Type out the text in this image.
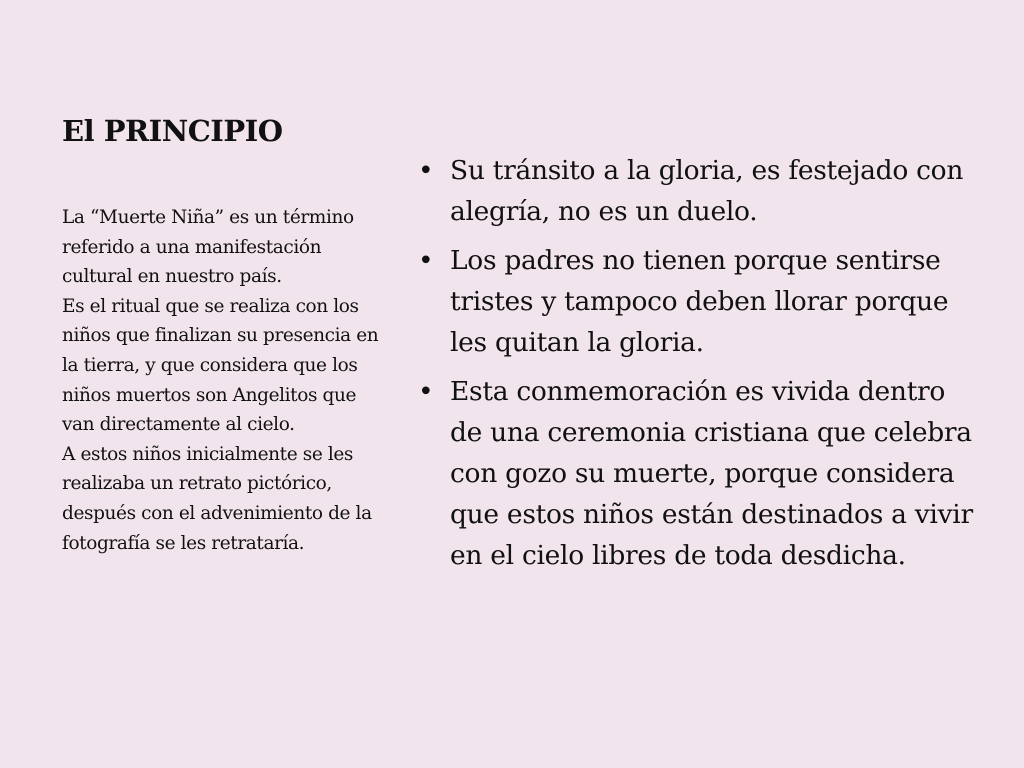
El PRINCIPIO

La “Muerte Niña” es un término referido a una manifestación cultural en nuestro país.

Es el ritual que se realiza con los niños que finalizan su presencia en la tierra, y que considera que los niños muertos son Angelitos que van directamente al cielo.

A estos niños inicialmente se les realizaba un retrato pictórico, después con el advenimiento de la fotografía se les retrataría.

• Su tránsito a la gloria, es festejado con alegría, no es un duelo.
• Los padres no tienen porque sentirse tristes y tampoco deben llorar porque les quitan la gloria.
• Esta conmemoración es vivida dentro de una ceremonia cristiana que celebra con gozo su muerte, porque considera que estos niños están destinados a vivir en el cielo libres de toda desdicha.
